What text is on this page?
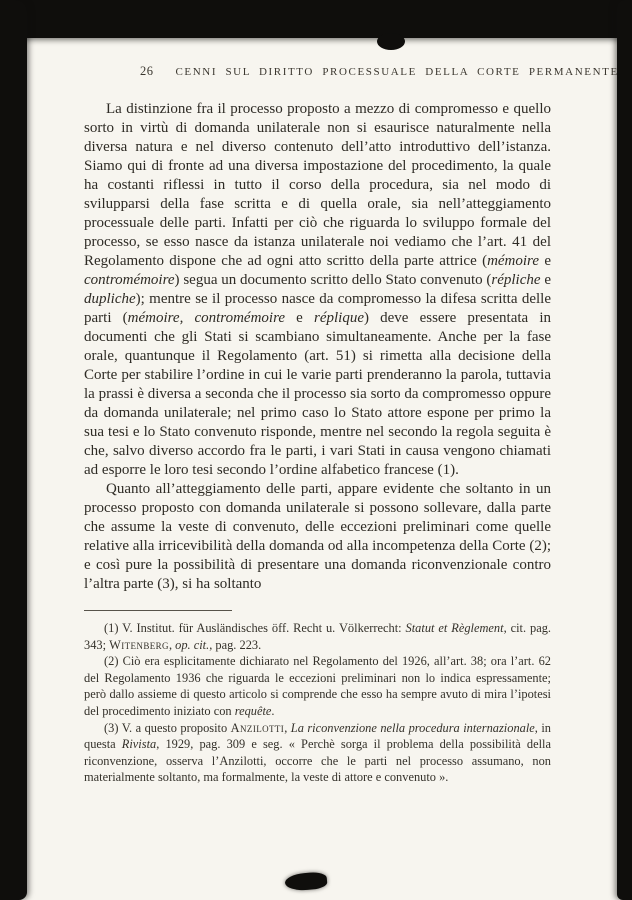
26 CENNI SUL DIRITTO PROCESSUALE DELLA CORTE PERMANENTE

La distinzione fra il processo proposto a mezzo di compromesso e quello sorto in virtù di domanda unilaterale non si esaurisce naturalmente nella diversa natura e nel diverso contenuto dell’atto introduttivo dell’istanza. Siamo qui di fronte ad una diversa impostazione del procedimento, la quale ha costanti riflessi in tutto il corso della procedura, sia nel modo di svilupparsi della fase scritta e di quella orale, sia nell’atteggiamento processuale delle parti. Infatti per ciò che riguarda lo sviluppo formale del processo, se esso nasce da istanza unilaterale noi vediamo che l’art. 41 del Regolamento dispone che ad ogni atto scritto della parte attrice (mémoire e contromémoire) segua un documento scritto dello Stato convenuto (répliche e dupliche); mentre se il processo nasce da compromesso la difesa scritta delle parti (mémoire, contromémoire e réplique) deve essere presentata in documenti che gli Stati si scambiano simultaneamente. Anche per la fase orale, quantunque il Regolamento (art. 51) si rimetta alla decisione della Corte per stabilire l’ordine in cui le varie parti prenderanno la parola, tuttavia la prassi è diversa a seconda che il processo sia sorto da compromesso oppure da domanda unilaterale; nel primo caso lo Stato attore espone per primo la sua tesi e lo Stato convenuto risponde, mentre nel secondo la regola seguita è che, salvo diverso accordo fra le parti, i vari Stati in causa vengono chiamati ad esporre le loro tesi secondo l’ordine alfabetico francese (1).

Quanto all’atteggiamento delle parti, appare evidente che soltanto in un processo proposto con domanda unilaterale si possono sollevare, dalla parte che assume la veste di convenuto, delle eccezioni preliminari come quelle relative alla irricevibilità della domanda od alla incompetenza della Corte (2); e così pure la possibilità di presentare una domanda riconvenzionale contro l’altra parte (3), si ha soltanto

(1) V. Institut. für Ausländisches öff. Recht u. Völkerrecht: Statut et Règlement, cit. pag. 343; Witenberg, op. cit., pag. 223.

(2) Ciò era esplicitamente dichiarato nel Regolamento del 1926, all’art. 38; ora l’art. 62 del Regolamento 1936 che riguarda le eccezioni preliminari non lo indica espressamente; però dallo assieme di questo articolo si comprende che esso ha sempre avuto di mira l’ipotesi del procedimento iniziato con requête.

(3) V. a questo proposito Anzilotti, La riconvenzione nella procedura internazionale, in questa Rivista, 1929, pag. 309 e seg. « Perchè sorga il problema della possibilità della riconvenzione, osserva l’Anzilotti, occorre che le parti nel processo assumano, non materialmente soltanto, ma formalmente, la veste di attore e convenuto ».
